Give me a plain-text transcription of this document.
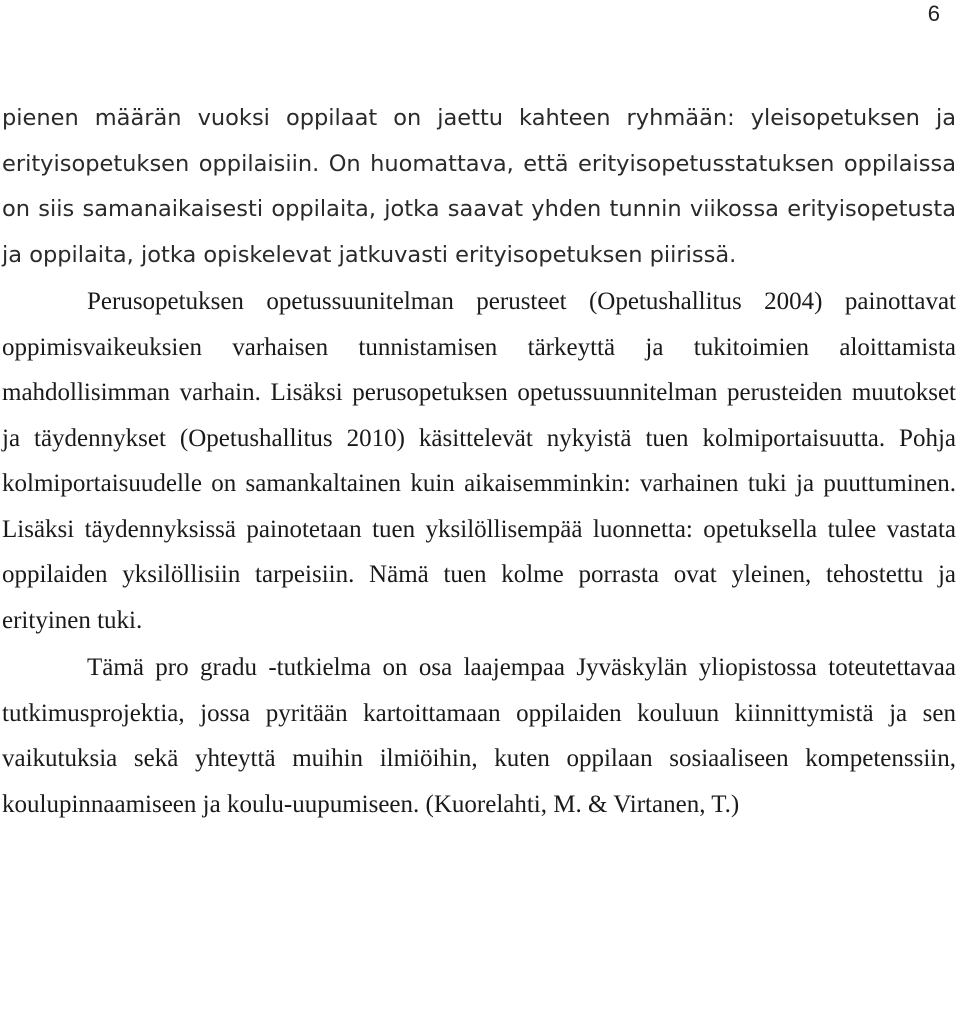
6

pienen määrän vuoksi oppilaat on jaettu kahteen ryhmään: yleisopetuksen ja erityisopetuksen oppilaisiin. On huomattava, että erityisopetusstatuksen oppilaissa on siis samanaikaisesti oppilaita, jotka saavat yhden tunnin viikossa erityisopetusta ja oppilaita, jotka opiskelevat jatkuvasti erityisopetuksen piirissä.

Perusopetuksen opetussuunitelman perusteet (Opetushallitus 2004) painottavat oppimisvaikeuksien varhaisen tunnistamisen tärkeyttä ja tukitoimien aloittamista mahdollisimman varhain. Lisäksi perusopetuksen opetussuunnitelman perusteiden muutokset ja täydennykset (Opetushallitus 2010) käsittelevät nykyistä tuen kolmiportaisuutta. Pohja kolmiportaisuudelle on samankaltainen kuin aikaisemminkin: varhainen tuki ja puuttuminen. Lisäksi täydennyksissä painotetaan tuen yksilöllisempää luonnetta: opetuksella tulee vastata oppilaiden yksilöllisiin tarpeisiin. Nämä tuen kolme porrasta ovat yleinen, tehostettu ja erityinen tuki.

Tämä pro gradu -tutkielma on osa laajempaa Jyväskylän yliopistossa toteutettavaa tutkimusprojektia, jossa pyritään kartoittamaan oppilaiden kouluun kiinnittymistä ja sen vaikutuksia sekä yhteyttä muihin ilmiöihin, kuten oppilaan sosiaaliseen kompetenssiin, koulupinnaamiseen ja koulu-uupumiseen. (Kuorelahti, M. & Virtanen, T.)
